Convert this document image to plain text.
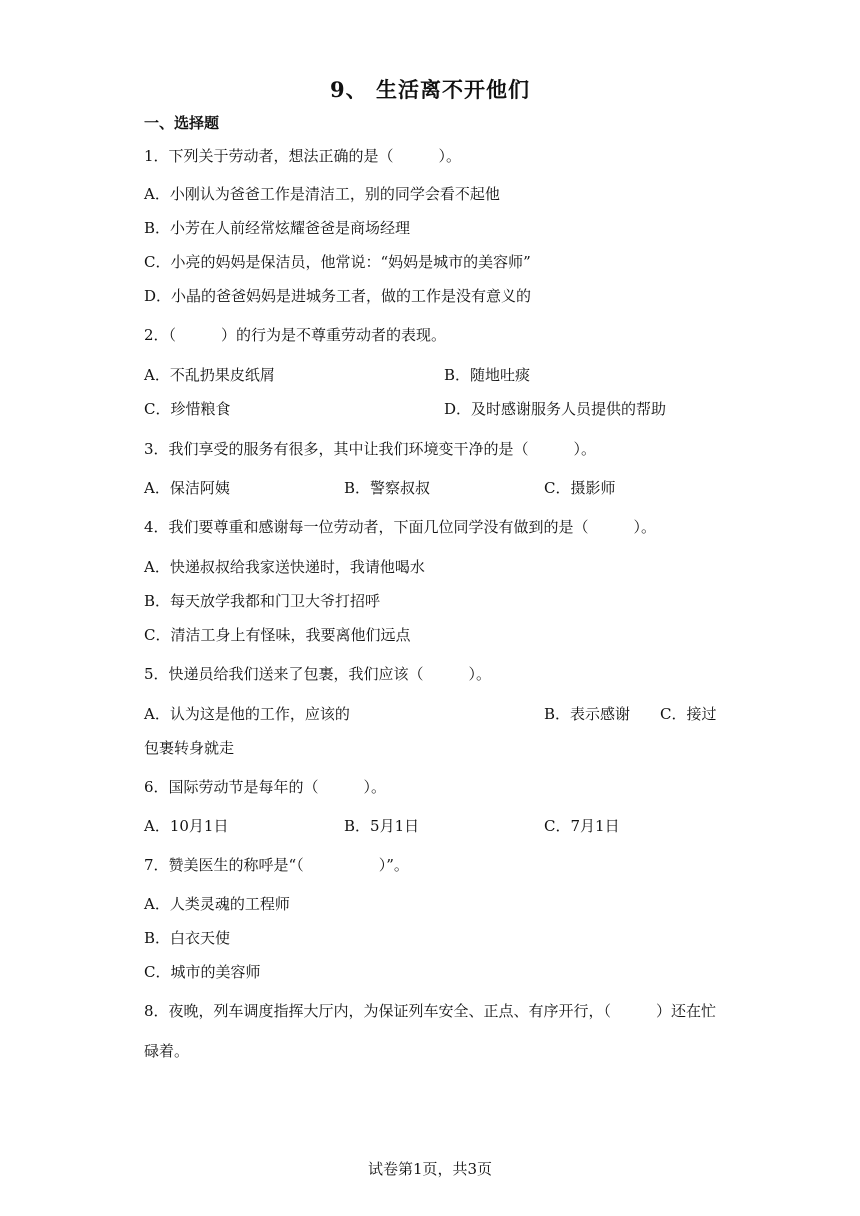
9、 生活离不开他们
一、选择题
1．下列关于劳动者，想法正确的是（　　　）。
A．小刚认为爸爸工作是清洁工，别的同学会看不起他
B．小芳在人前经常炫耀爸爸是商场经理
C．小亮的妈妈是保洁员，他常说：“妈妈是城市的美容师”
D．小晶的爸爸妈妈是进城务工者，做的工作是没有意义的
2．（　　　）的行为是不尊重劳动者的表现。
A．不乱扔果皮纸屑	B．随地吐痰
C．珍惜粮食	D．及时感谢服务人员提供的帮助
3．我们享受的服务有很多，其中让我们环境变干净的是（　　　）。
A．保洁阿姨	B．警察叔叔	C．摄影师
4．我们要尊重和感谢每一位劳动者，下面几位同学没有做到的是（　　　）。
A．快递叔叔给我家送快递时，我请他喝水
B．每天放学我都和门卫大爷打招呼
C．清洁工身上有怪味，我要离他们远点
5．快递员给我们送来了包裹，我们应该（　　　）。
A．认为这是他的工作，应该的	B．表示感谢 C．接过
包裹转身就走
6．国际劳动节是每年的（　　　）。
A．10月1日	B．5月1日	C．7月1日
7．赞美医生的称呼是“（　　　　　）”。
A．人类灵魂的工程师
B．白衣天使
C．城市的美容师
8．夜晚，列车调度指挥大厅内，为保证列车安全、正点、有序开行，（　　　）还在忙
碌着。
试卷第1页，共3页
